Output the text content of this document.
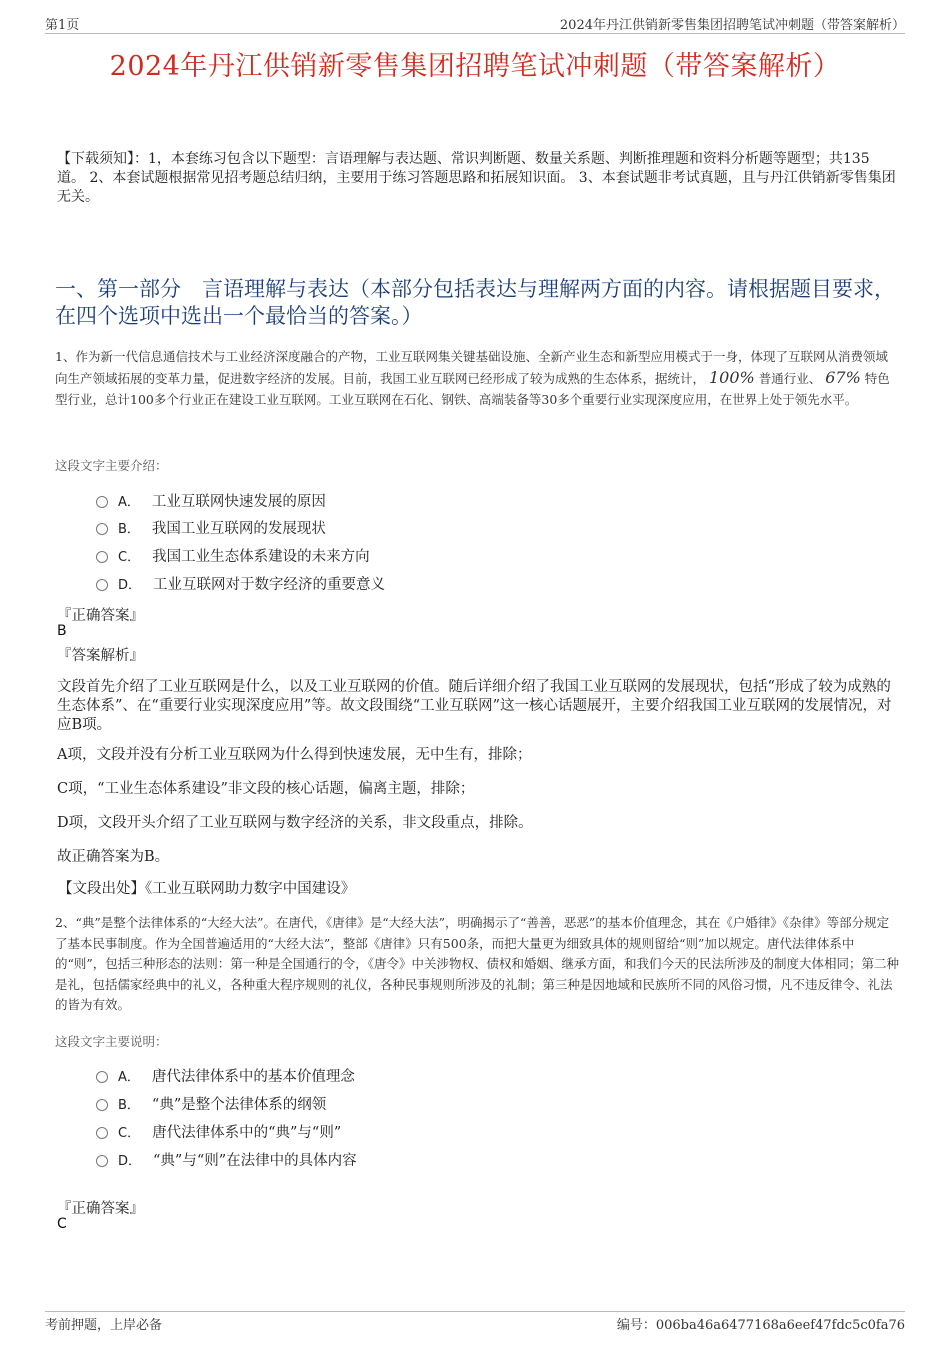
第1页	2024年丹江供销新零售集团招聘笔试冲刺题（带答案解析）
2024年丹江供销新零售集团招聘笔试冲刺题（带答案解析）
【下载须知】：1，本套练习包含以下题型：言语理解与表达题、常识判断题、数量关系题、判断推理题和资料分析题等题型；共135道。 2、本套试题根据常见招考题总结归纳，主要用于练习答题思路和拓展知识面。 3、本套试题非考试真题，且与丹江供销新零售集团无关。
一、第一部分　言语理解与表达（本部分包括表达与理解两方面的内容。请根据题目要求，在四个选项中选出一个最恰当的答案。）
1、作为新一代信息通信技术与工业经济深度融合的产物，工业互联网集关键基础设施、全新产业生态和新型应用模式于一身，体现了互联网从消费领域向生产领域拓展的变革力量，促进数字经济的发展。目前，我国工业互联网已经形成了较为成熟的生态体系，据统计， 100% 普通行业、 67% 特色型行业，总计100多个行业正在建设工业互联网。工业互联网在石化、钢铁、高端装备等30多个重要行业实现深度应用，在世界上处于领先水平。
这段文字主要介绍：
A． 工业互联网快速发展的原因
B． 我国工业互联网的发展现状
C． 我国工业生态体系建设的未来方向
D． 工业互联网对于数字经济的重要意义
『正确答案』
B
『答案解析』
文段首先介绍了工业互联网是什么，以及工业互联网的价值。随后详细介绍了我国工业互联网的发展现状，包括“形成了较为成熟的生态体系”、在“重要行业实现深度应用”等。故文段围绕“工业互联网”这一核心话题展开，主要介绍我国工业互联网的发展情况，对应B项。
A项，文段并没有分析工业互联网为什么得到快速发展，无中生有，排除；
C项，“工业生态体系建设”非文段的核心话题，偏离主题，排除；
D项，文段开头介绍了工业互联网与数字经济的关系，非文段重点，排除。
故正确答案为B。
【文段出处】《工业互联网助力数字中国建设》
2、“典”是整个法律体系的“大经大法”。在唐代，《唐律》是“大经大法”，明确揭示了“善善，恶恶”的基本价值理念，其在《户婚律》《杂律》等部分规定了基本民事制度。作为全国普遍适用的“大经大法”，整部《唐律》只有500条，而把大量更为细致具体的规则留给“则”加以规定。唐代法律体系中的“则”，包括三种形态的法则：第一种是全国通行的令，《唐令》中关涉物权、债权和婚姻、继承方面，和我们今天的民法所涉及的制度大体相同；第二种是礼，包括儒家经典中的礼义，各种重大程序规则的礼仪，各种民事规则所涉及的礼制；第三种是因地域和民族所不同的风俗习惯，凡不违反律令、礼法的皆为有效。
这段文字主要说明：
A． 唐代法律体系中的基本价值理念
B． “典”是整个法律体系的纲领
C． 唐代法律体系中的“典”与“则”
D． “典”与“则”在法律中的具体内容
『正确答案』
C
考前押题，上岸必备	编号：006ba46a6477168a6eef47fdc5c0fa76
